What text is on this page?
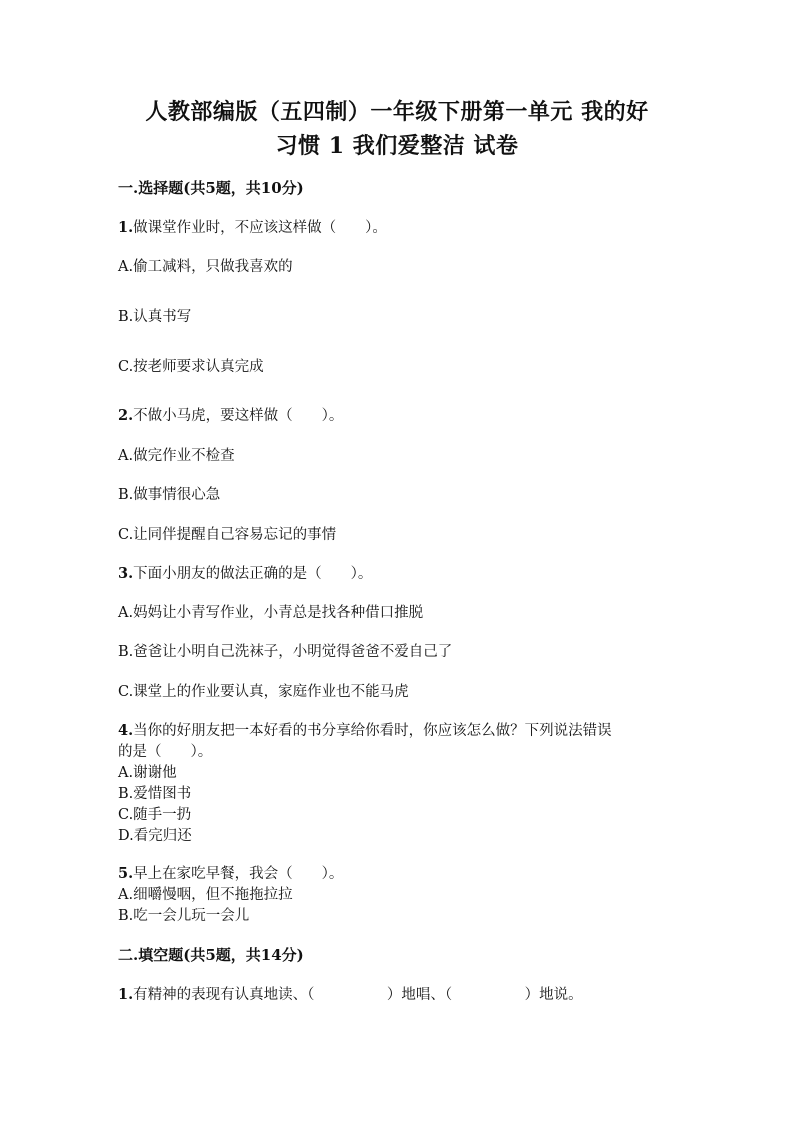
人教部编版（五四制）一年级下册第一单元 我的好
习惯 1 我们爱整洁 试卷
一.选择题(共5题，共10分)
1.做课堂作业时，不应该这样做（　　）。
A.偷工减料，只做我喜欢的
B.认真书写
C.按老师要求认真完成
2.不做小马虎，要这样做（　　）。
A.做完作业不检查
B.做事情很心急
C.让同伴提醒自己容易忘记的事情
3.下面小朋友的做法正确的是（　　）。
A.妈妈让小青写作业，小青总是找各种借口推脱
B.爸爸让小明自己洗袜子，小明觉得爸爸不爱自己了
C.课堂上的作业要认真，家庭作业也不能马虎
4.当你的好朋友把一本好看的书分享给你看时，你应该怎么做？下列说法错误
的是（　　）。
A.谢谢他
B.爱惜图书
C.随手一扔
D.看完归还
5.早上在家吃早餐，我会（　　）。
A.细嚼慢咽，但不拖拖拉拉
B.吃一会儿玩一会儿
二.填空题(共5题，共14分)
1.有精神的表现有认真地读、（　　　　　）地唱、（　　　　　）地说。
